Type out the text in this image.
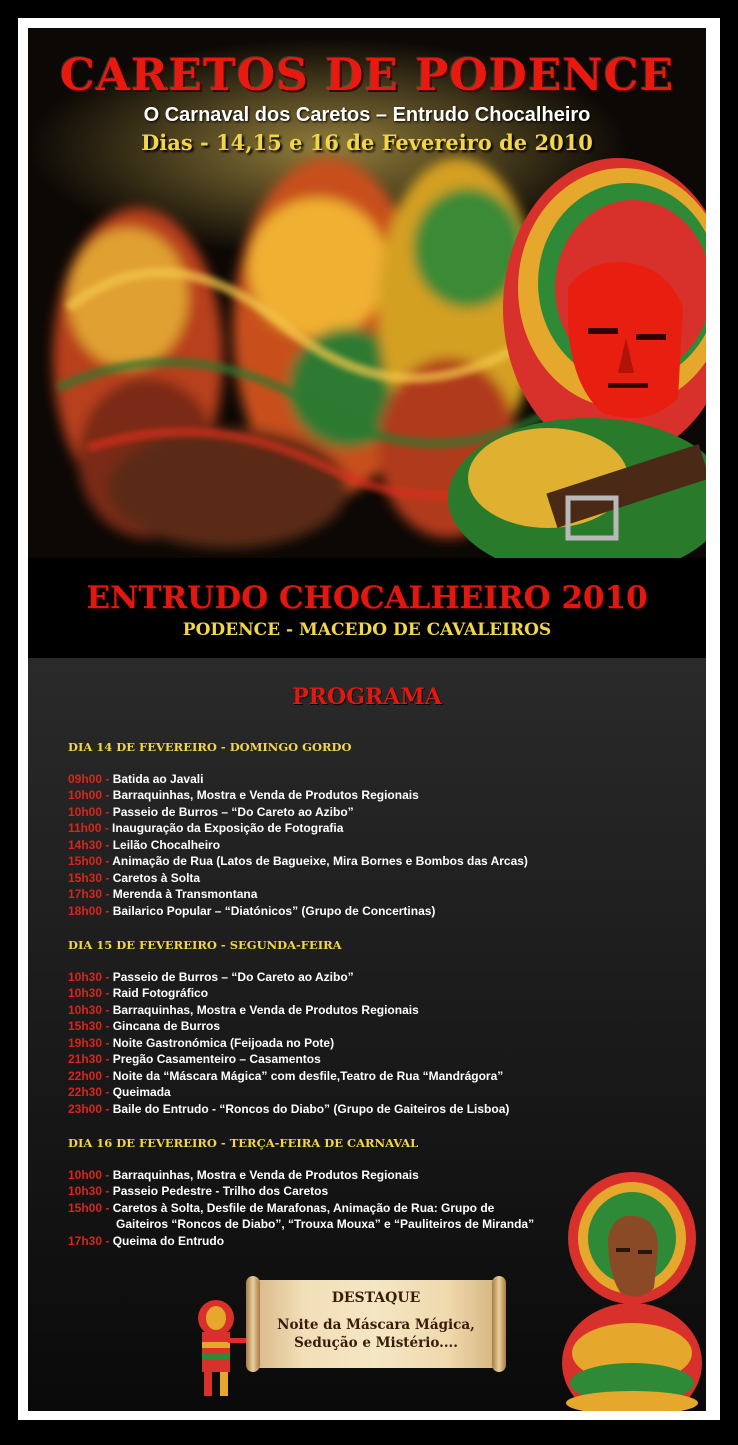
CARETOS DE PODENCE
O Carnaval dos Caretos – Entrudo Chocalheiro
Dias - 14,15 e 16 de Fevereiro de 2010
ENTRUDO CHOCALHEIRO 2010
PODENCE - MACEDO DE CAVALEIROS
PROGRAMA
DIA 14 DE FEVEREIRO - DOMINGO GORDO
09h00 - Batida ao Javali
10h00 - Barraquinhas, Mostra e Venda de Produtos Regionais
10h00 - Passeio de Burros – “Do Careto ao Azibo”
11h00 - Inauguração da Exposição de Fotografia
14h30 - Leilão Chocalheiro
15h00 - Animação de Rua (Latos de Bagueixe, Mira Bornes e Bombos das Arcas)
15h30 - Caretos à Solta
17h30 - Merenda à Transmontana
18h00 - Bailarico Popular – “Diatónicos” (Grupo de Concertinas)
DIA 15 DE FEVEREIRO - SEGUNDA-FEIRA
10h30 - Passeio de Burros – “Do Careto ao Azibo”
10h30 - Raid Fotográfico
10h30 - Barraquinhas, Mostra e Venda de Produtos Regionais
15h30 - Gincana de Burros
19h30 - Noite Gastronómica (Feijoada no Pote)
21h30 - Pregão Casamenteiro – Casamentos
22h00 - Noite da “Máscara Mágica” com desfile,Teatro de Rua “Mandrágora”
22h30 - Queimada
23h00 - Baile do Entrudo - “Roncos do Diabo” (Grupo de Gaiteiros de Lisboa)
DIA 16 DE FEVEREIRO - TERÇA-FEIRA DE CARNAVAL
10h00 - Barraquinhas, Mostra e Venda de Produtos Regionais
10h30 - Passeio Pedestre - Trilho dos Caretos
15h00 - Caretos à Solta, Desfile de Marafonas, Animação de Rua: Grupo de
Gaiteiros “Roncos de Diabo”, “Trouxa Mouxa” e “Pauliteiros de Miranda”
17h30 - Queima do Entrudo
DESTAQUE
Noite da Máscara Mágica,
Sedução e Mistério....
